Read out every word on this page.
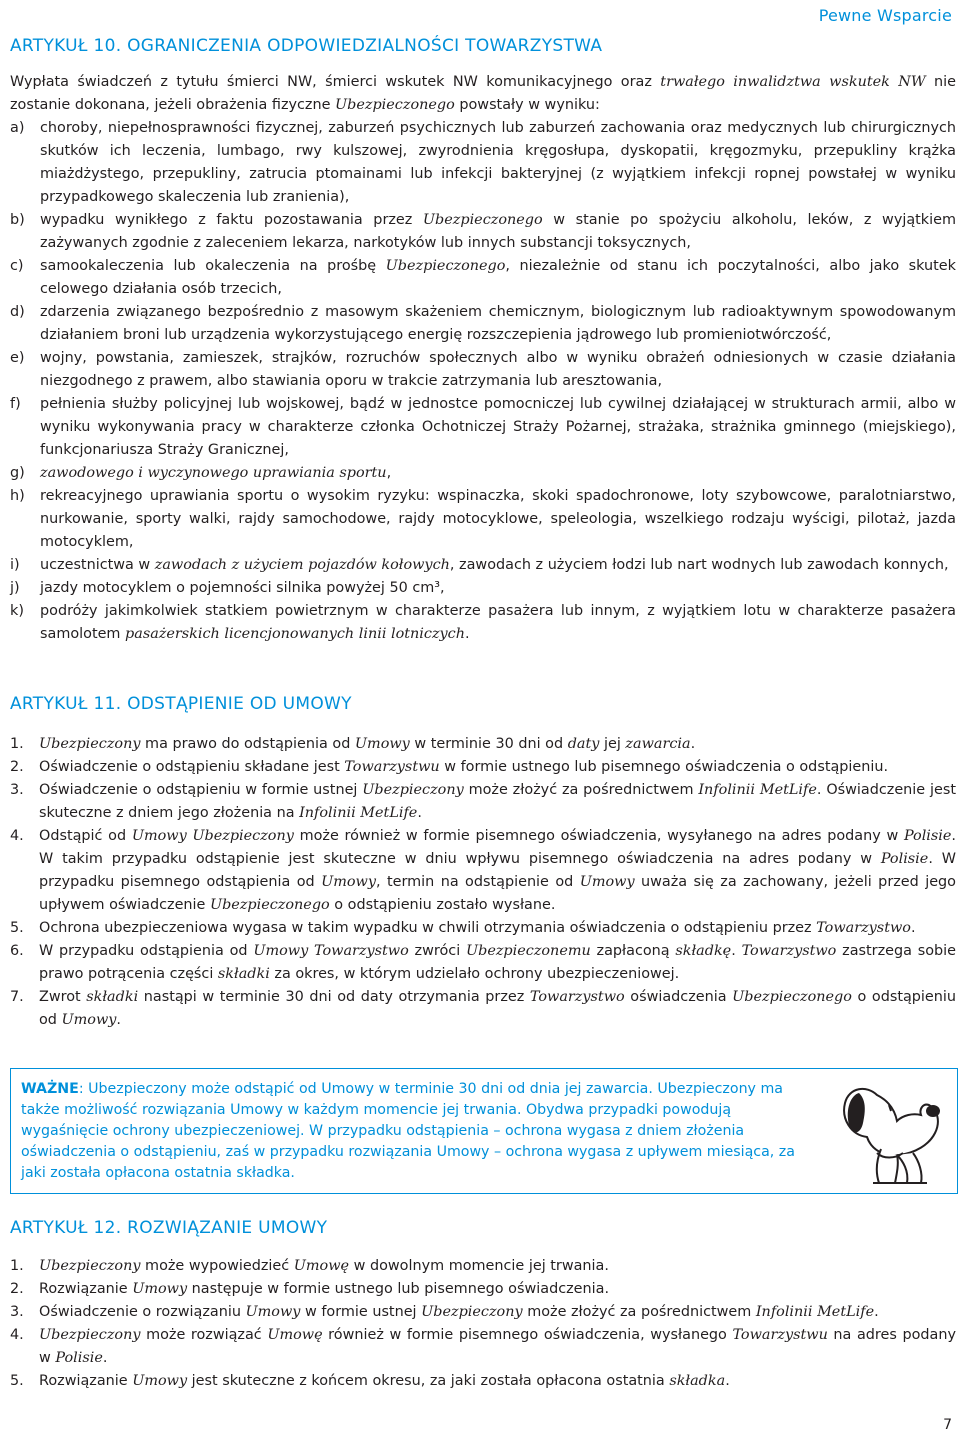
Pewne Wsparcie
ARTYKUŁ 10. OGRANICZENIA ODPOWIEDZIALNOŚCI TOWARZYSTWA
Wypłata świadczeń z tytułu śmierci NW, śmierci wskutek NW komunikacyjnego oraz trwałego inwalidztwa wskutek NW nie zostanie dokonana, jeżeli obrażenia fizyczne Ubezpieczonego powstały w wyniku:
a) choroby, niepełnosprawności fizycznej, zaburzeń psychicznych lub zaburzeń zachowania oraz medycznych lub chirurgicznych skutków ich leczenia, lumbago, rwy kulszowej, zwyrodnienia kręgosłupa, dyskopatii, kręgozmyku, przepukliny krążka miażdżystego, przepukliny, zatrucia ptomainami lub infekcji bakteryjnej (z wyjątkiem infekcji ropnej powstałej w wyniku przypadkowego skaleczenia lub zranienia),
b) wypadku wynikłego z faktu pozostawania przez Ubezpieczonego w stanie po spożyciu alkoholu, leków, z wyjątkiem zażywanych zgodnie z zaleceniem lekarza, narkotyków lub innych substancji toksycznych,
c) samookaleczenia lub okaleczenia na prośbę Ubezpieczonego, niezależnie od stanu ich poczytalności, albo jako skutek celowego działania osób trzecich,
d) zdarzenia związanego bezpośrednio z masowym skażeniem chemicznym, biologicznym lub radioaktywnym spowodowanym działaniem broni lub urządzenia wykorzystującego energię rozszczepienia jądrowego lub promieniotwórczość,
e) wojny, powstania, zamieszek, strajków, rozruchów społecznych albo w wyniku obrażeń odniesionych w czasie działania niezgodnego z prawem, albo stawiania oporu w trakcie zatrzymania lub aresztowania,
f) pełnienia służby policyjnej lub wojskowej, bądź w jednostce pomocniczej lub cywilnej działającej w strukturach armii, albo w wyniku wykonywania pracy w charakterze członka Ochotniczej Straży Pożarnej, strażaka, strażnika gminnego (miejskiego), funkcjonariusza Straży Granicznej,
g) zawodowego i wyczynowego uprawiania sportu,
h) rekreacyjnego uprawiania sportu o wysokim ryzyku: wspinaczka, skoki spadochronowe, loty szybowcowe, paralotniarstwo, nurkowanie, sporty walki, rajdy samochodowe, rajdy motocyklowe, speleologia, wszelkiego rodzaju wyścigi, pilotaż, jazda motocyklem,
i) uczestnictwa w zawodach z użyciem pojazdów kołowych, zawodach z użyciem łodzi lub nart wodnych lub zawodach konnych,
j) jazdy motocyklem o pojemności silnika powyżej 50 cm³,
k) podróży jakimkolwiek statkiem powietrznym w charakterze pasażera lub innym, z wyjątkiem lotu w charakterze pasażera samolotem pasażerskich licencjonowanych linii lotniczych.
ARTYKUŁ 11. ODSTĄPIENIE OD UMOWY
1. Ubezpieczony ma prawo do odstąpienia od Umowy w terminie 30 dni od daty jej zawarcia.
2. Oświadczenie o odstąpieniu składane jest Towarzystwu w formie ustnego lub pisemnego oświadczenia o odstąpieniu.
3. Oświadczenie o odstąpieniu w formie ustnej Ubezpieczony może złożyć za pośrednictwem Infolinii MetLife. Oświadczenie jest skuteczne z dniem jego złożenia na Infolinii MetLife.
4. Odstąpić od Umowy Ubezpieczony może również w formie pisemnego oświadczenia, wysyłanego na adres podany w Polisie. W takim przypadku odstąpienie jest skuteczne w dniu wpływu pisemnego oświadczenia na adres podany w Polisie. W przypadku pisemnego odstąpienia od Umowy, termin na odstąpienie od Umowy uważa się za zachowany, jeżeli przed jego upływem oświadczenie Ubezpieczonego o odstąpieniu zostało wysłane.
5. Ochrona ubezpieczeniowa wygasa w takim wypadku w chwili otrzymania oświadczenia o odstąpieniu przez Towarzystwo.
6. W przypadku odstąpienia od Umowy Towarzystwo zwróci Ubezpieczonemu zapłaconą składkę. Towarzystwo zastrzega sobie prawo potrącenia części składki za okres, w którym udzielało ochrony ubezpieczeniowej.
7. Zwrot składki nastąpi w terminie 30 dni od daty otrzymania przez Towarzystwo oświadczenia Ubezpieczonego o odstąpieniu od Umowy.

WAŻNE: Ubezpieczony może odstąpić od Umowy w terminie 30 dni od dnia jej zawarcia. Ubezpieczony ma także możliwość rozwiązania Umowy w każdym momencie jej trwania. Obydwa przypadki powodują wygaśnięcie ochrony ubezpieczeniowej. W przypadku odstąpienia – ochrona wygasa z dniem złożenia oświadczenia o odstąpieniu, zaś w przypadku rozwiązania Umowy – ochrona wygasa z upływem miesiąca, za jaki została opłacona ostatnia składka.

ARTYKUŁ 12. ROZWIĄZANIE UMOWY
1. Ubezpieczony może wypowiedzieć Umowę w dowolnym momencie jej trwania.
2. Rozwiązanie Umowy następuje w formie ustnego lub pisemnego oświadczenia.
3. Oświadczenie o rozwiązaniu Umowy w formie ustnej Ubezpieczony może złożyć za pośrednictwem Infolinii MetLife.
4. Ubezpieczony może rozwiązać Umowę również w formie pisemnego oświadczenia, wysłanego Towarzystwu na adres podany w Polisie.
5. Rozwiązanie Umowy jest skuteczne z końcem okresu, za jaki została opłacona ostatnia składka.
7
